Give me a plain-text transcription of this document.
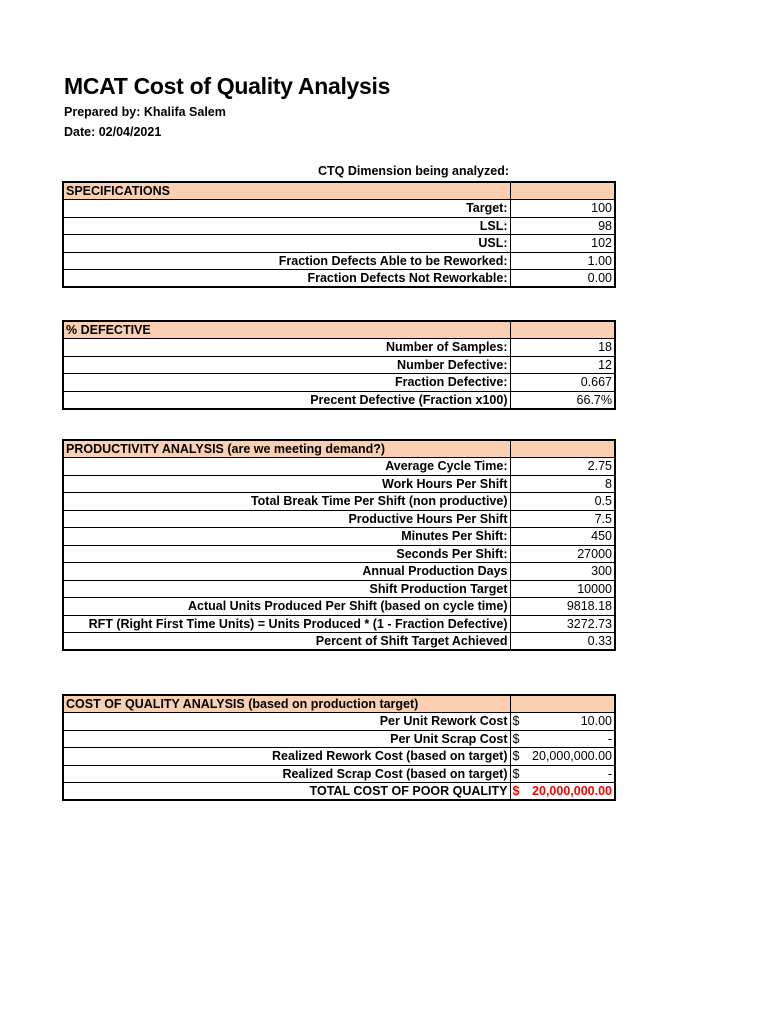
MCAT Cost of Quality Analysis
Prepared by: Khalifa Salem
Date: 02/04/2021
CTQ Dimension being analyzed:
SPECIFICATIONS	
Target:	100
LSL:	98
USL:	102
Fraction Defects Able to be Reworked:	1.00
Fraction Defects Not Reworkable:	0.00
% DEFECTIVE	
Number of Samples:	18
Number Defective:	12
Fraction Defective:	0.667
Precent Defective (Fraction x100)	66.7%
PRODUCTIVITY ANALYSIS (are we meeting demand?)	
Average Cycle Time:	2.75
Work Hours Per Shift	8
Total Break Time Per Shift (non productive)	0.5
Productive Hours Per Shift	7.5
Minutes Per Shift:	450
Seconds Per Shift:	27000
Annual Production Days	300
Shift Production Target	10000
Actual Units Produced Per Shift (based on cycle time)	9818.18
RFT (Right First Time Units) = Units Produced * (1 - Fraction Defective)	3272.73
Percent of Shift Target Achieved	0.33
COST OF QUALITY ANALYSIS (based on production target)	
Per Unit Rework Cost	$ 10.00

Per Unit Scrap Cost	$ -

Realized Rework Cost (based on target)	$ 20,000,000.00

Realized Scrap Cost (based on target)	$ -

TOTAL COST OF POOR QUALITY	$ 20,000,000.00
